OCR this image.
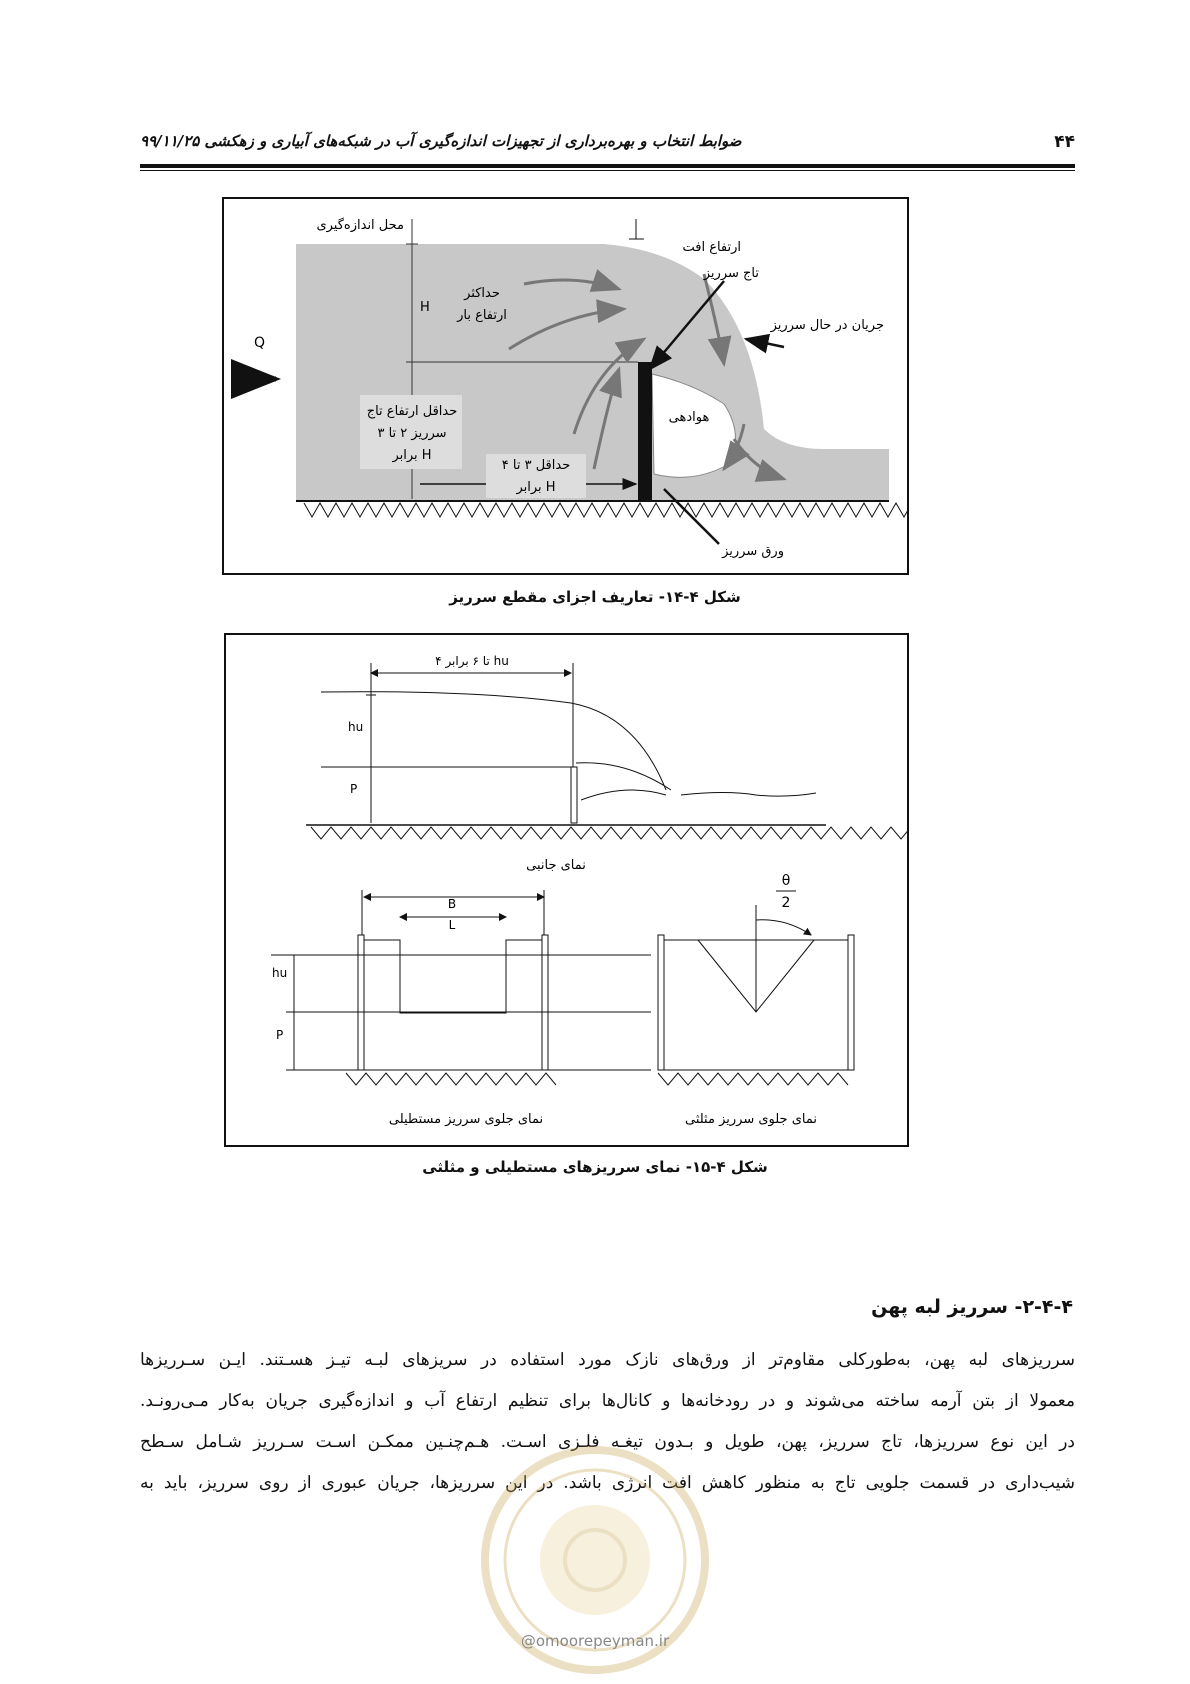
۴۴
ضوابط انتخاب و بهره‌برداری از تجهیزات اندازه‌گیری آب در شبکه‌های آبیاری و زهکشی ۹۹/۱۱/۲۵
محل اندازه‌گیری
ارتفاع افت
تاج سرریز
حداکثر
ارتفاع بار
H
جریان در حال سرریز
Q
هوادهی
حداقل ارتفاع تاج
سرریز ۲ تا ۳
برابر H
حداقل ۳ تا ۴
برابر H
ورق سرریز
شکل ۴-۱۴- تعاریف اجزای مقطع سرریز
۴ تا ۶ برابر hu
hu
P
نمای جانبی
B
L
hu
P
θ
2
نمای جلوی سرریز مستطیلی	نمای جلوی سرریز مثلثی
شکل ۴-۱۵- نمای سرریزهای مستطیلی و مثلثی
۲-۴-۴- سرریز لبه پهن

سرریزهای لبه پهن، به‌طورکلی مقاوم‌تر از ورق‌های نازک مورد استفاده در سریزهای لبـه تیـز هسـتند. ایـن سـرریزها

معمولا از بتن آرمه ساخته می‌شوند و در رودخانه‌ها و کانال‌ها برای تنظیم ارتفاع آب و اندازه‌گیری جریان به‌کار مـی‌رونـد.

در این نوع سرریزها، تاج سرریز، پهن، طویل و بـدون تیغـه فلـزی اسـت. هـم‌چنـین ممکـن اسـت سـرریز شـامل سـطح

شیب‌داری در قسمت جلویی تاج به منظور کاهش افت انرژی باشد. در این سرریزها، جریان عبوری از روی سرریز، باید به

@omoorepeyman.ir
